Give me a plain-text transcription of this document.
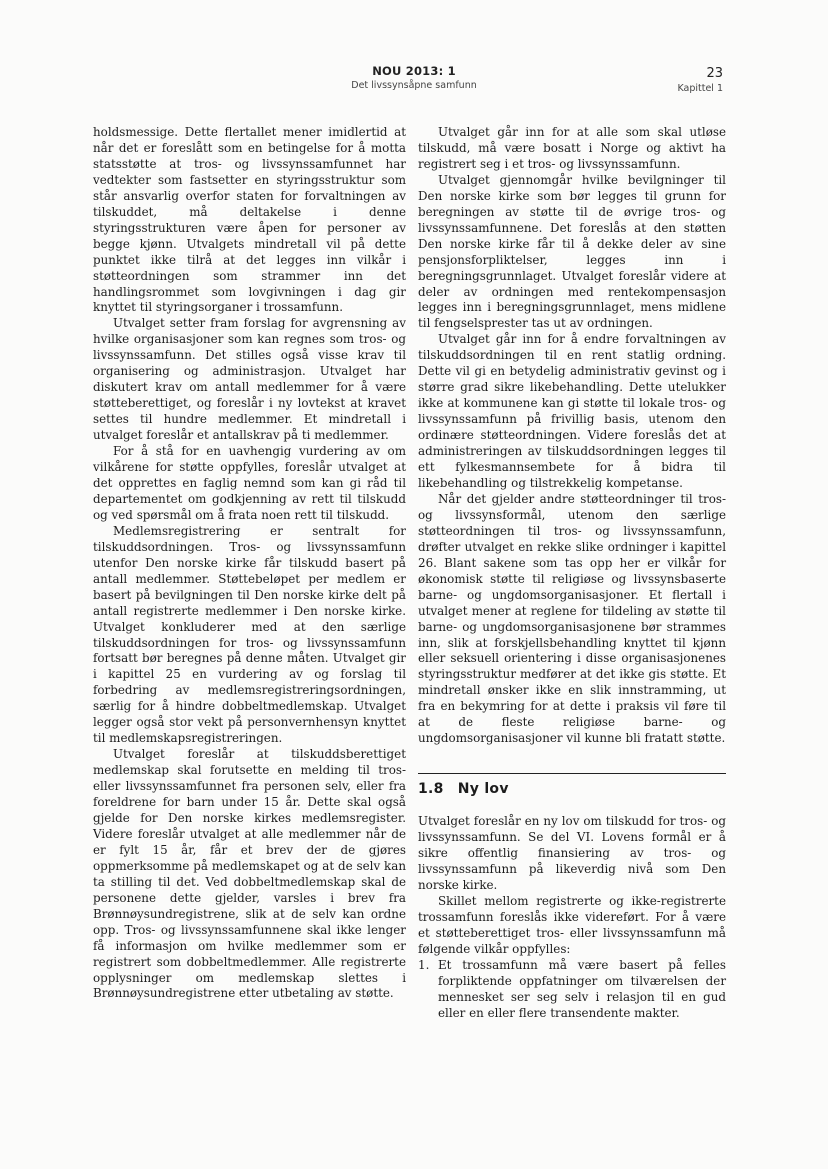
NOU 2013: 1
Det livssynsåpne samfunn
23
Kapittel 1

holdsmessige. Dette flertallet mener imidlertid at når det er foreslått som en betingelse for å motta statsstøtte at tros- og livssynssamfunnet har vedtekter som fastsetter en styringsstruktur som står ansvarlig overfor staten for forvaltningen av tilskuddet, må deltakelse i denne styringsstrukturen være åpen for personer av begge kjønn. Utvalgets mindretall vil på dette punktet ikke tilrå at det legges inn vilkår i støtteordningen som strammer inn det handlingsrommet som lovgivningen i dag gir knyttet til styringsorganer i trossamfunn.

Utvalget setter fram forslag for avgrensning av hvilke organisasjoner som kan regnes som tros- og livssynssamfunn. Det stilles også visse krav til organisering og administrasjon. Utvalget har diskutert krav om antall medlemmer for å være støtteberettiget, og foreslår i ny lovtekst at kravet settes til hundre medlemmer. Et mindretall i utvalget foreslår et antallskrav på ti medlemmer.

For å stå for en uavhengig vurdering av om vilkårene for støtte oppfylles, foreslår utvalget at det opprettes en faglig nemnd som kan gi råd til departementet om godkjenning av rett til tilskudd og ved spørsmål om å frata noen rett til tilskudd.

Medlemsregistrering er sentralt for tilskuddsordningen. Tros- og livssynssamfunn utenfor Den norske kirke får tilskudd basert på antall medlemmer. Støttebeløpet per medlem er basert på bevilgningen til Den norske kirke delt på antall registrerte medlemmer i Den norske kirke. Utvalget konkluderer med at den særlige tilskuddsordningen for tros- og livssynssamfunn fortsatt bør beregnes på denne måten. Utvalget gir i kapittel 25 en vurdering av og forslag til forbedring av medlemsregistreringsordningen, særlig for å hindre dobbeltmedlemskap. Utvalget legger også stor vekt på personvernhensyn knyttet til medlemskapsregistreringen.

Utvalget foreslår at tilskuddsberettiget medlemskap skal forutsette en melding til tros- eller livssynssamfunnet fra personen selv, eller fra foreldrene for barn under 15 år. Dette skal også gjelde for Den norske kirkes medlemsregister. Videre foreslår utvalget at alle medlemmer når de er fylt 15 år, får et brev der de gjøres oppmerksomme på medlemskapet og at de selv kan ta stilling til det. Ved dobbeltmedlemskap skal de personene dette gjelder, varsles i brev fra Brønnøysundregistrene, slik at de selv kan ordne opp. Tros- og livssynssamfunnene skal ikke lenger få informasjon om hvilke medlemmer som er registrert som dobbeltmedlemmer. Alle registrerte opplysninger om medlemskap slettes i Brønnøysundregistrene etter utbetaling av støtte.

Utvalget går inn for at alle som skal utløse tilskudd, må være bosatt i Norge og aktivt ha registrert seg i et tros- og livssynssamfunn.

Utvalget gjennomgår hvilke bevilgninger til Den norske kirke som bør legges til grunn for beregningen av støtte til de øvrige tros- og livssynssamfunnene. Det foreslås at den støtten Den norske kirke får til å dekke deler av sine pensjonsforpliktelser, legges inn i beregningsgrunnlaget. Utvalget foreslår videre at deler av ordningen med rentekompensasjon legges inn i beregningsgrunnlaget, mens midlene til fengselsprester tas ut av ordningen.

Utvalget går inn for å endre forvaltningen av tilskuddsordningen til en rent statlig ordning. Dette vil gi en betydelig administrativ gevinst og i større grad sikre likebehandling. Dette utelukker ikke at kommunene kan gi støtte til lokale tros- og livssynssamfunn på frivillig basis, utenom den ordinære støtteordningen. Videre foreslås det at administreringen av tilskuddsordningen legges til ett fylkesmannsembete for å bidra til likebehandling og tilstrekkelig kompetanse.

Når det gjelder andre støtteordninger til tros- og livssynsformål, utenom den særlige støtteordningen til tros- og livssynssamfunn, drøfter utvalget en rekke slike ordninger i kapittel 26. Blant sakene som tas opp her er vilkår for økonomisk støtte til religiøse og livssynsbaserte barne- og ungdomsorganisasjoner. Et flertall i utvalget mener at reglene for tildeling av støtte til barne- og ungdomsorganisasjonene bør strammes inn, slik at forskjellsbehandling knyttet til kjønn eller seksuell orientering i disse organisasjonenes styringsstruktur medfører at det ikke gis støtte. Et mindretall ønsker ikke en slik innstramming, ut fra en bekymring for at dette i praksis vil føre til at de fleste religiøse barne- og ungdomsorganisasjoner vil kunne bli fratatt støtte.

1.8 Ny lov

Utvalget foreslår en ny lov om tilskudd for tros- og livssynssamfunn. Se del VI. Lovens formål er å sikre offentlig finansiering av tros- og livssynssamfunn på likeverdig nivå som Den norske kirke.

Skillet mellom registrerte og ikke-registrerte trossamfunn foreslås ikke videreført. For å være et støtteberettiget tros- eller livssynssamfunn må følgende vilkår oppfylles:

1. Et trossamfunn må være basert på felles forpliktende oppfatninger om tilværelsen der mennesket ser seg selv i relasjon til en gud eller en eller flere transendente makter.
